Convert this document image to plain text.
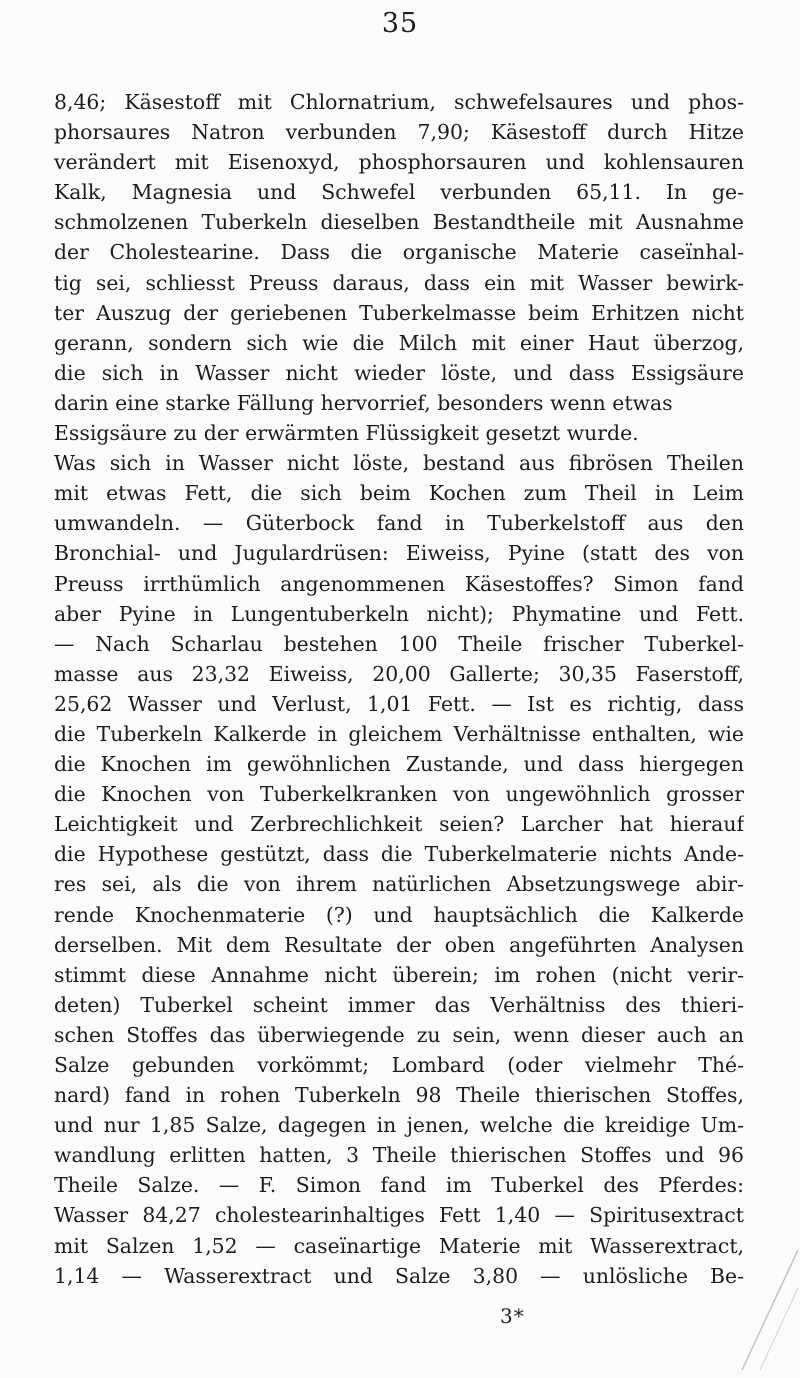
35
8,46; Käsestoff mit Chlornatrium, schwefelsaures und phos-
phorsaures Natron verbunden 7,90; Käsestoff durch Hitze
verändert mit Eisenoxyd, phosphorsauren und kohlensauren
Kalk, Magnesia und Schwefel verbunden 65,11. In ge-
schmolzenen Tuberkeln dieselben Bestandtheile mit Ausnahme
der Cholestearine. Dass die organische Materie caseïnhal-
tig sei, schliesst Preuss daraus, dass ein mit Wasser bewirk-
ter Auszug der geriebenen Tuberkelmasse beim Erhitzen nicht
gerann, sondern sich wie die Milch mit einer Haut überzog,
die sich in Wasser nicht wieder löste, und dass Essigsäure
darin eine starke Fällung hervorrief, besonders wenn etwas
Essigsäure zu der erwärmten Flüssigkeit gesetzt wurde.
Was sich in Wasser nicht löste, bestand aus fibrösen Theilen
mit etwas Fett, die sich beim Kochen zum Theil in Leim
umwandeln. — Güterbock fand in Tuberkelstoff aus den
Bronchial- und Jugulardrüsen: Eiweiss, Pyine (statt des von
Preuss irrthümlich angenommenen Käsestoffes? Simon fand
aber Pyine in Lungentuberkeln nicht); Phymatine und Fett.
— Nach Scharlau bestehen 100 Theile frischer Tuberkel-
masse aus 23,32 Eiweiss, 20,00 Gallerte; 30,35 Faserstoff,
25,62 Wasser und Verlust, 1,01 Fett. — Ist es richtig, dass
die Tuberkeln Kalkerde in gleichem Verhältnisse enthalten, wie
die Knochen im gewöhnlichen Zustande, und dass hiergegen
die Knochen von Tuberkelkranken von ungewöhnlich grosser
Leichtigkeit und Zerbrechlichkeit seien? Larcher hat hierauf
die Hypothese gestützt, dass die Tuberkelmaterie nichts Ande-
res sei, als die von ihrem natürlichen Absetzungswege abir-
rende Knochenmaterie (?) und hauptsächlich die Kalkerde
derselben. Mit dem Resultate der oben angeführten Analysen
stimmt diese Annahme nicht überein; im rohen (nicht verir-
deten) Tuberkel scheint immer das Verhältniss des thieri-
schen Stoffes das überwiegende zu sein, wenn dieser auch an
Salze gebunden vorkömmt; Lombard (oder vielmehr Thé-
nard) fand in rohen Tuberkeln 98 Theile thierischen Stoffes,
und nur 1,85 Salze, dagegen in jenen, welche die kreidige Um-
wandlung erlitten hatten, 3 Theile thierischen Stoffes und 96
Theile Salze. — F. Simon fand im Tuberkel des Pferdes:
Wasser 84,27 cholestearinhaltiges Fett 1,40 — Spiritusextract
mit Salzen 1,52 — caseïnartige Materie mit Wasserextract,
1,14 — Wasserextract und Salze 3,80 — unlösliche Be-
3*
